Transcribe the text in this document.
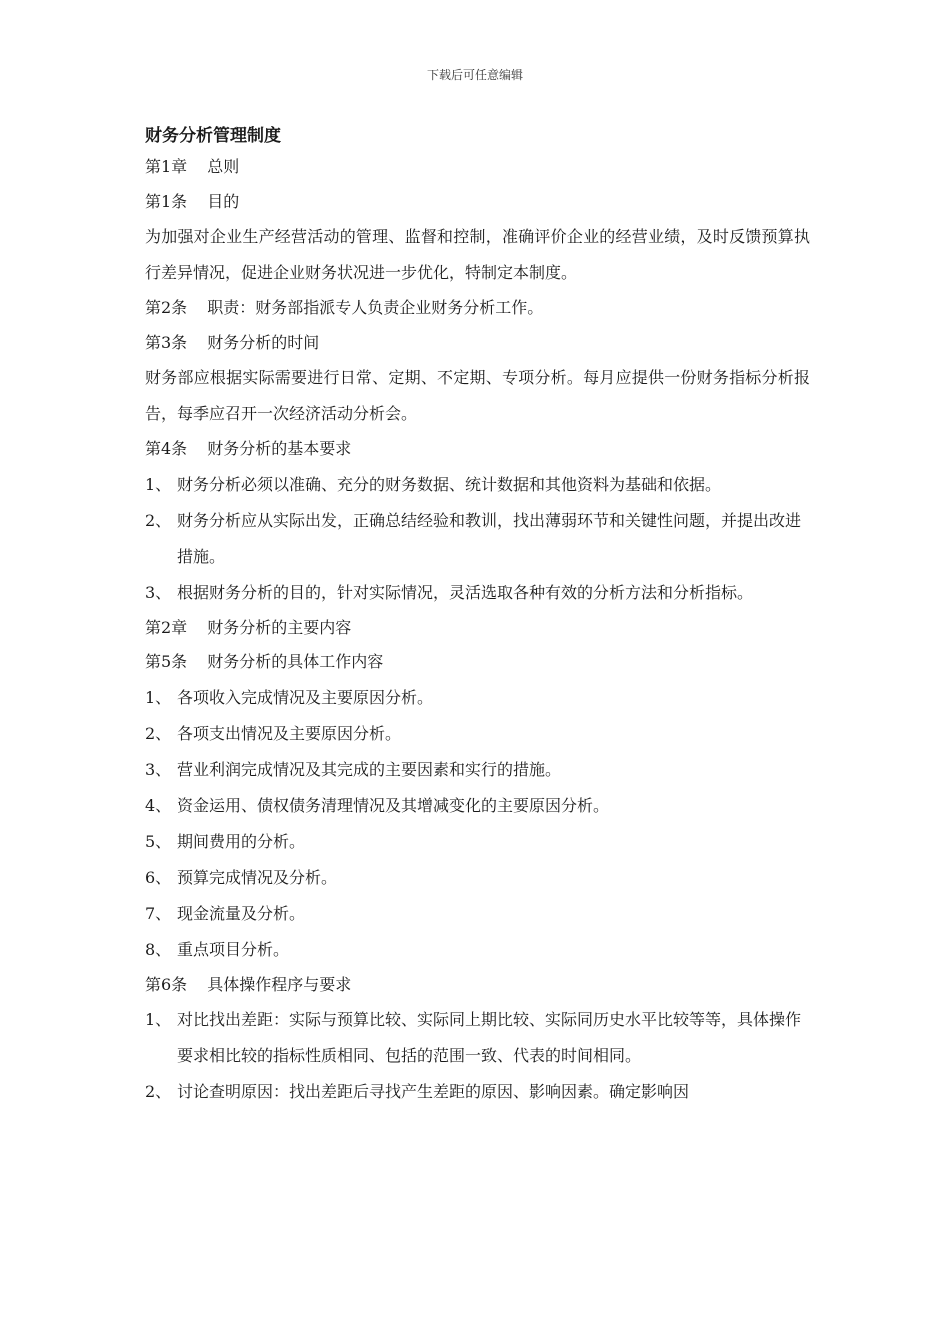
下载后可任意编辑
财务分析管理制度
第1章 总则
第1条 目的
为加强对企业生产经营活动的管理、监督和控制，准确评价企业的经营业绩，及时反馈预算执行差异情况，促进企业财务状况进一步优化，特制定本制度。
第2条 职责：财务部指派专人负责企业财务分析工作。
第3条 财务分析的时间
财务部应根据实际需要进行日常、定期、不定期、专项分析。每月应提供一份财务指标分析报告，每季应召开一次经济活动分析会。
第4条 财务分析的基本要求
1、 财务分析必须以准确、充分的财务数据、统计数据和其他资料为基础和依据。
2、 财务分析应从实际出发，正确总结经验和教训，找出薄弱环节和关键性问题，并提出改进措施。
3、 根据财务分析的目的，针对实际情况，灵活选取各种有效的分析方法和分析指标。
第2章 财务分析的主要内容
第5条 财务分析的具体工作内容
1、 各项收入完成情况及主要原因分析。
2、 各项支出情况及主要原因分析。
3、 营业利润完成情况及其完成的主要因素和实行的措施。
4、 资金运用、债权债务清理情况及其增减变化的主要原因分析。
5、 期间费用的分析。
6、 预算完成情况及分析。
7、 现金流量及分析。
8、 重点项目分析。
第6条 具体操作程序与要求
1、 对比找出差距：实际与预算比较、实际同上期比较、实际同历史水平比较等等，具体操作要求相比较的指标性质相同、包括的范围一致、代表的时间相同。
2、 讨论查明原因：找出差距后寻找产生差距的原因、影响因素。确定影响因
